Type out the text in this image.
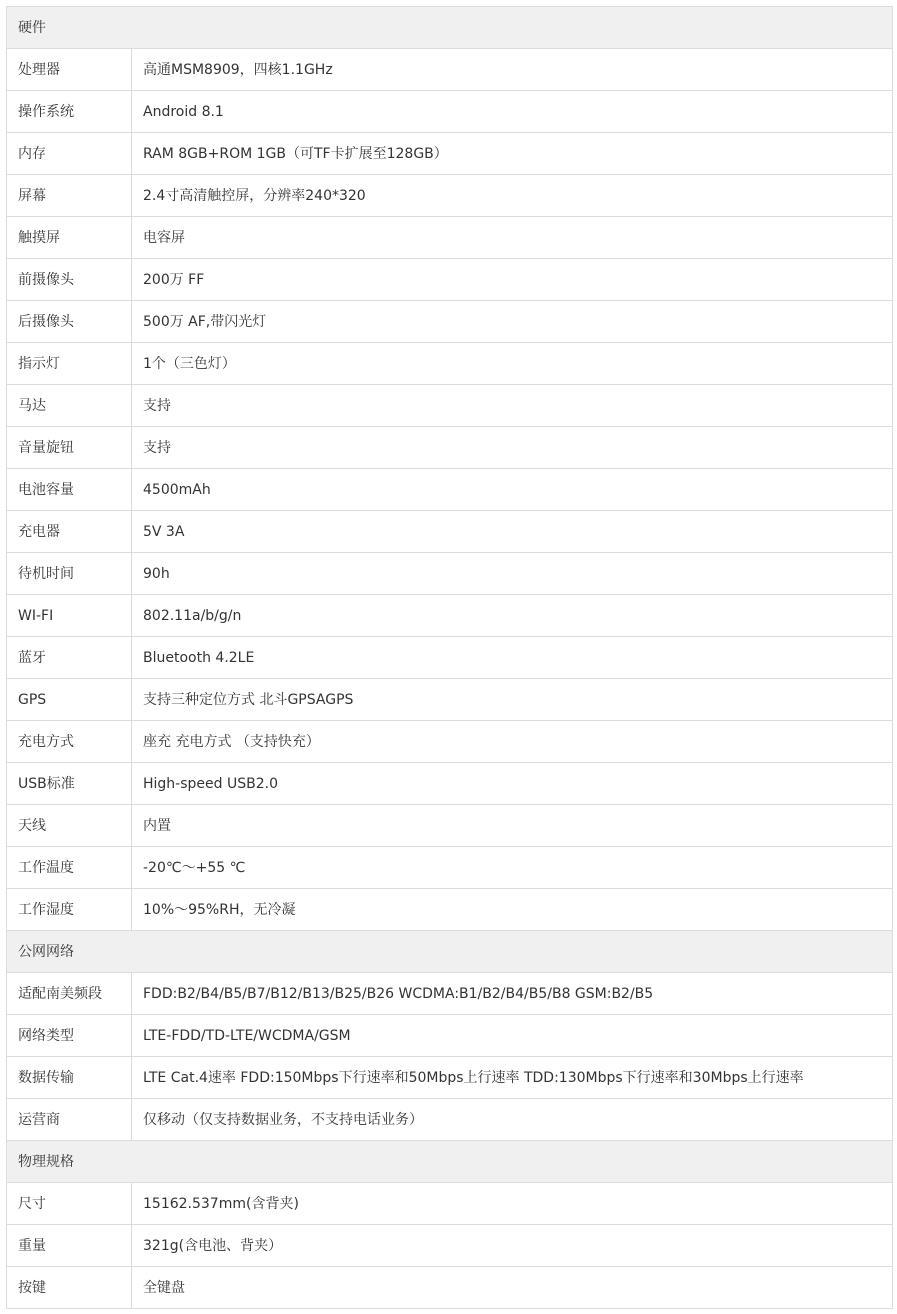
硬件	
处理器	高通MSM8909，四核1.1GHz
操作系统	Android 8.1
内存	RAM 8GB+ROM 1GB（可TF卡扩展至128GB）
屏幕	2.4寸高清触控屏，分辨率240*320
触摸屏	电容屏
前摄像头	200万 FF
后摄像头	500万 AF,带闪光灯
指示灯	1个（三色灯）
马达	支持
音量旋钮	支持
电池容量	4500mAh
充电器	5V 3A
待机时间	90h
WI-FI	802.11a/b/g/n
蓝牙	Bluetooth 4.2LE
GPS	支持三种定位方式 北斗GPSAGPS
充电方式	座充 充电方式 （支持快充）
USB标准	High-speed USB2.0
天线	内置
工作温度	-20℃～+55 ℃
工作湿度	10%～95%RH，无冷凝
公网网络	
适配南美频段	FDD:B2/B4/B5/B7/B12/B13/B25/B26 WCDMA:B1/B2/B4/B5/B8 GSM:B2/B5
网络类型	LTE-FDD/TD-LTE/WCDMA/GSM
数据传输	LTE Cat.4速率 FDD:150Mbps下行速率和50Mbps上行速率 TDD:130Mbps下行速率和30Mbps上行速率
运营商	仅移动（仅支持数据业务，不支持电话业务）
物理规格	
尺寸	15162.537mm(含背夹)
重量	321g(含电池、背夹）
按键	全键盘
